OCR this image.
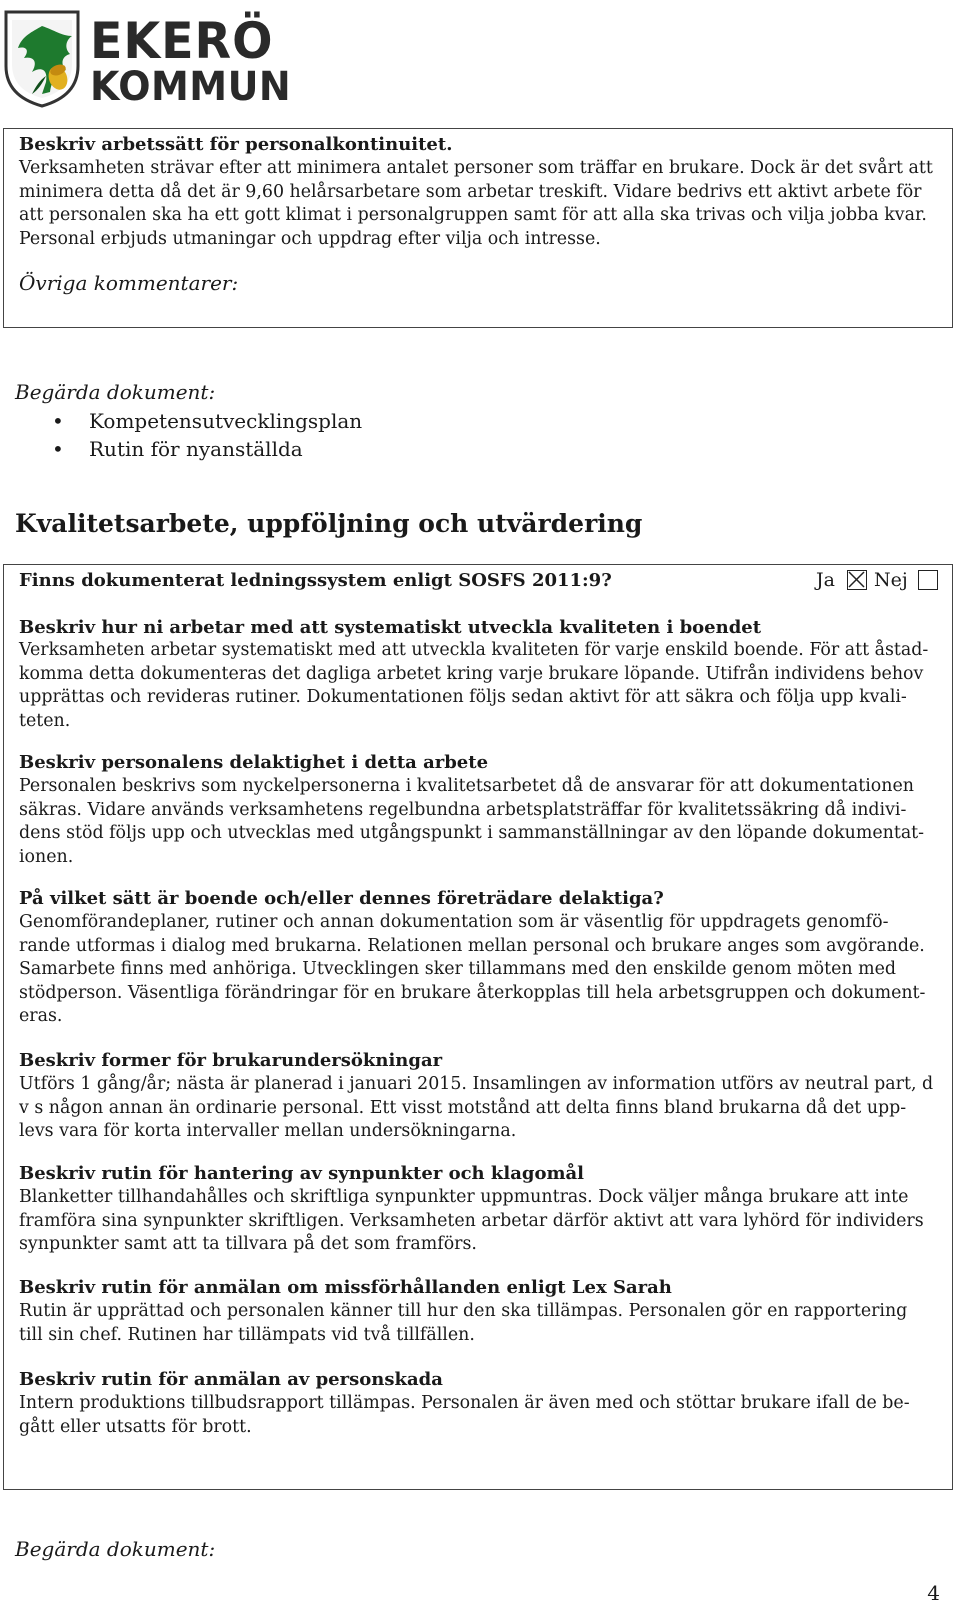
EKERÖ
KOMMUN
Beskriv arbetssätt för personalkontinuitet.
Verksamheten strävar efter att minimera antalet personer som träffar en brukare. Dock är det svårt att
minimera detta då det är 9,60 helårsarbetare som arbetar treskift. Vidare bedrivs ett aktivt arbete för
att personalen ska ha ett gott klimat i personalgruppen samt för att alla ska trivas och vilja jobba kvar.
Personal erbjuds utmaningar och uppdrag efter vilja och intresse.
Övriga kommentarer:
Begärda dokument:
• Kompetensutvecklingsplan
• Rutin för nyanställda
Kvalitetsarbete, uppföljning och utvärdering
Finns dokumenterat ledningssystem enligt SOSFS 2011:9?
Beskriv hur ni arbetar med att systematiskt utveckla kvaliteten i boendet
Verksamheten arbetar systematiskt med att utveckla kvaliteten för varje enskild boende. För att åstad-
komma detta dokumenteras det dagliga arbetet kring varje brukare löpande. Utifrån individens behov
upprättas och revideras rutiner. Dokumentationen följs sedan aktivt för att säkra och följa upp kvali-
teten.
Beskriv personalens delaktighet i detta arbete
Personalen beskrivs som nyckelpersonerna i kvalitetsarbetet då de ansvarar för att dokumentationen
säkras. Vidare används verksamhetens regelbundna arbetsplatsträffar för kvalitetssäkring då indivi-
dens stöd följs upp och utvecklas med utgångspunkt i sammanställningar av den löpande dokumentat-
ionen.
På vilket sätt är boende och/eller dennes företrädare delaktiga?
Genomförandeplaner, rutiner och annan dokumentation som är väsentlig för uppdragets genomfö-
rande utformas i dialog med brukarna. Relationen mellan personal och brukare anges som avgörande.
Samarbete finns med anhöriga. Utvecklingen sker tillammans med den enskilde genom möten med
stödperson. Väsentliga förändringar för en brukare återkopplas till hela arbetsgruppen och dokument-
eras.
Beskriv former för brukarundersökningar
Utförs 1 gång/år; nästa är planerad i januari 2015. Insamlingen av information utförs av neutral part, d
v s någon annan än ordinarie personal. Ett visst motstånd att delta finns bland brukarna då det upp-
levs vara för korta intervaller mellan undersökningarna.
Beskriv rutin för hantering av synpunkter och klagomål
Blanketter tillhandahålles och skriftliga synpunkter uppmuntras. Dock väljer många brukare att inte
framföra sina synpunkter skriftligen. Verksamheten arbetar därför aktivt att vara lyhörd för individers
synpunkter samt att ta tillvara på det som framförs.
Beskriv rutin för anmälan om missförhållanden enligt Lex Sarah
Rutin är upprättad och personalen känner till hur den ska tillämpas. Personalen gör en rapportering
till sin chef. Rutinen har tillämpats vid två tillfällen.
Beskriv rutin för anmälan av personskada
Intern produktions tillbudsrapport tillämpas. Personalen är även med och stöttar brukare ifall de be-
gått eller utsatts för brott.
Ja Nej
Begärda dokument:
4
